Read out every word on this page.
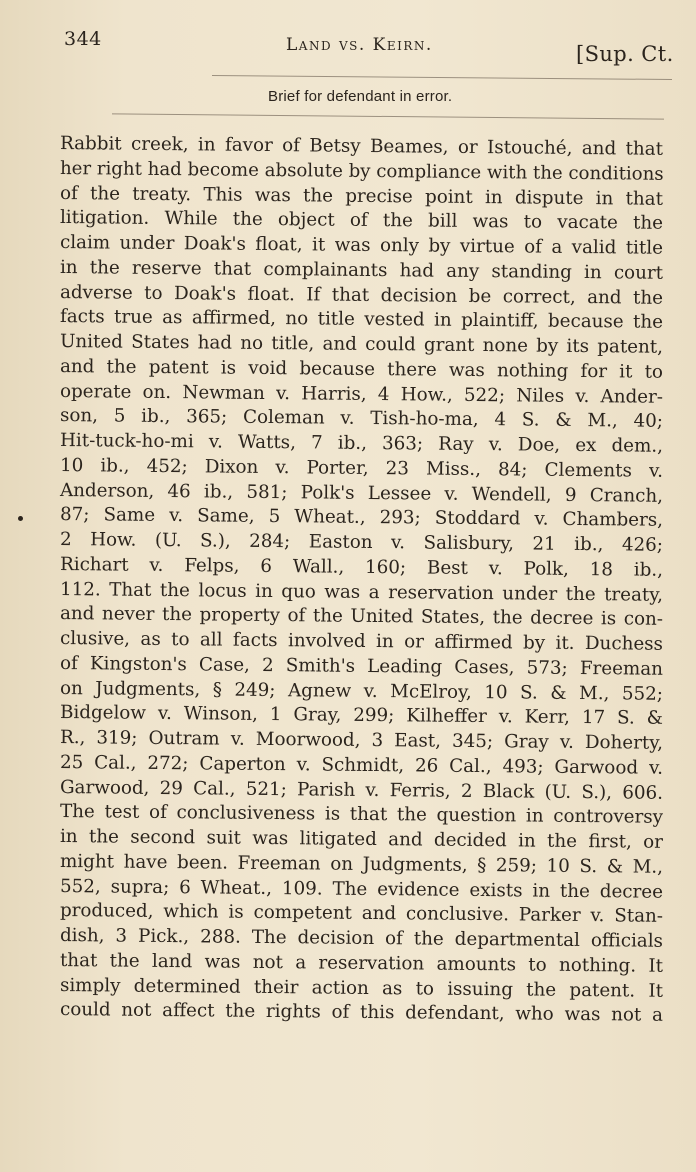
344	Land vs. Keirn.	[Sup. Ct.
Brief for defendant in error.
Rabbit creek, in favor of Betsy Beames, or Istouché, and that
her right had become absolute by compliance with the conditions
of the treaty. This was the precise point in dispute in that
litigation. While the object of the bill was to vacate the
claim under Doak's float, it was only by virtue of a valid title
in the reserve that complainants had any standing in court
adverse to Doak's float. If that decision be correct, and the
facts true as affirmed, no title vested in plaintiff, because the
United States had no title, and could grant none by its patent,
and the patent is void because there was nothing for it to
operate on. Newman v. Harris, 4 How., 522; Niles v. Ander-
son, 5 ib., 365; Coleman v. Tish-ho-ma, 4 S. & M., 40;
Hit-tuck-ho-mi v. Watts, 7 ib., 363; Ray v. Doe, ex dem.,
10 ib., 452; Dixon v. Porter, 23 Miss., 84; Clements v.
Anderson, 46 ib., 581; Polk's Lessee v. Wendell, 9 Cranch,
87; Same v. Same, 5 Wheat., 293; Stoddard v. Chambers,
2 How. (U. S.), 284; Easton v. Salisbury, 21 ib., 426;
Richart v. Felps, 6 Wall., 160; Best v. Polk, 18 ib.,
112. That the locus in quo was a reservation under the treaty,
and never the property of the United States, the decree is con-
clusive, as to all facts involved in or affirmed by it. Duchess
of Kingston's Case, 2 Smith's Leading Cases, 573; Freeman
on Judgments, § 249; Agnew v. McElroy, 10 S. & M., 552;
Bidgelow v. Winson, 1 Gray, 299; Kilheffer v. Kerr, 17 S. &
R., 319; Outram v. Moorwood, 3 East, 345; Gray v. Doherty,
25 Cal., 272; Caperton v. Schmidt, 26 Cal., 493; Garwood v.
Garwood, 29 Cal., 521; Parish v. Ferris, 2 Black (U. S.), 606.
The test of conclusiveness is that the question in controversy
in the second suit was litigated and decided in the first, or
might have been. Freeman on Judgments, § 259; 10 S. & M.,
552, supra; 6 Wheat., 109. The evidence exists in the decree
produced, which is competent and conclusive. Parker v. Stan-
dish, 3 Pick., 288. The decision of the departmental officials
that the land was not a reservation amounts to nothing. It
simply determined their action as to issuing the patent. It
could not affect the rights of this defendant, who was not a
